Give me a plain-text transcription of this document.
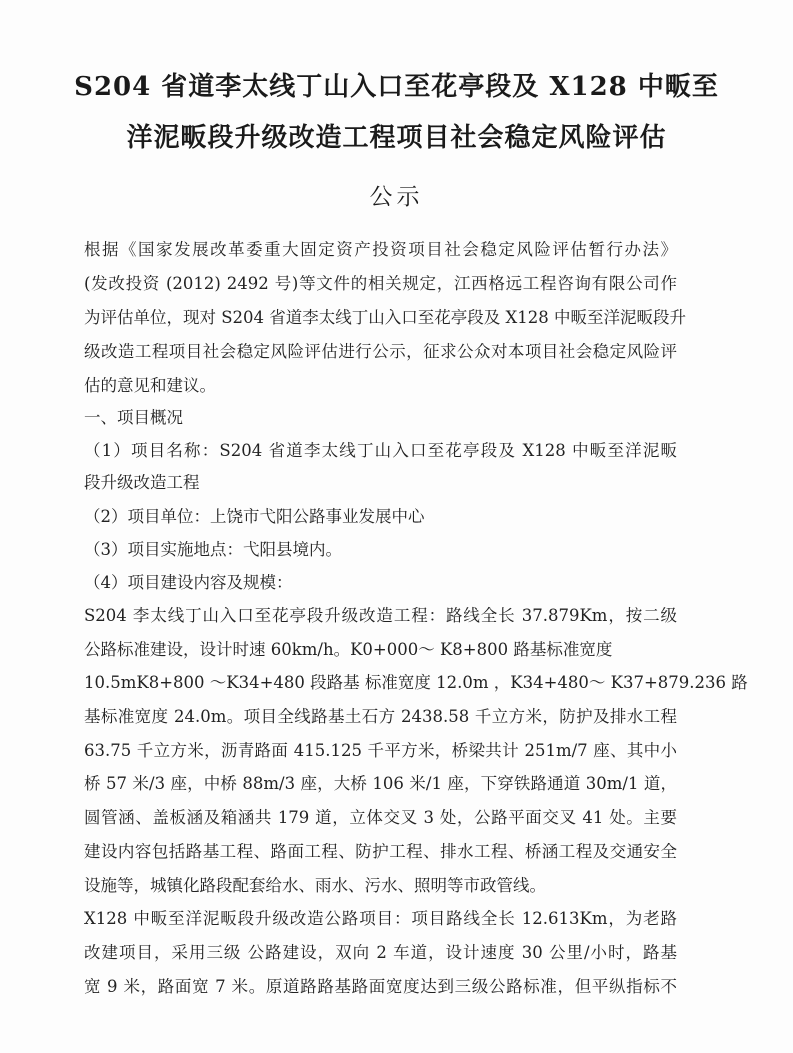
S204 省道李太线丁山入口至花亭段及 X128 中畈至
洋泥畈段升级改造工程项目社会稳定风险评估
公示
根据《国家发展改革委重大固定资产投资项目社会稳定风险评估暂行办法》
(发改投资 (2012) 2492 号)等文件的相关规定，江西格远工程咨询有限公司作
为评估单位，现对 S204 省道李太线丁山入口至花亭段及 X128 中畈至洋泥畈段升
级改造工程项目社会稳定风险评估进行公示，征求公众对本项目社会稳定风险评
估的意见和建议。
一、项目概况
（1）项目名称：S204 省道李太线丁山入口至花亭段及 X128 中畈至洋泥畈
段升级改造工程
（2）项目单位：上饶市弋阳公路事业发展中心
（3）项目实施地点：弋阳县境内。
（4）项目建设内容及规模：
S204 李太线丁山入口至花亭段升级改造工程：路线全长 37.879Km，按二级
公路标准建设，设计时速 60km/h。K0+000～ K8+800 路基标准宽度
10.5mK8+800 ～K34+480 段路基 标准宽度 12.0m ，K34+480～ K37+879.236 路
基标准宽度 24.0m。项目全线路基土石方 2438.58 千立方米，防护及排水工程
63.75 千立方米，沥青路面 415.125 千平方米，桥梁共计 251m/7 座、其中小
桥 57 米/3 座，中桥 88m/3 座，大桥 106 米/1 座，下穿铁路通道 30m/1 道，
圆管涵、盖板涵及箱涵共 179 道，立体交叉 3 处，公路平面交叉 41 处。主要
建设内容包括路基工程、路面工程、防护工程、排水工程、桥涵工程及交通安全
设施等，城镇化路段配套给水、雨水、污水、照明等市政管线。
X128 中畈至洋泥畈段升级改造公路项目：项目路线全长 12.613Km，为老路
改建项目，采用三级 公路建设，双向 2 车道，设计速度 30 公里/小时，路基
宽 9 米，路面宽 7 米。原道路路基路面宽度达到三级公路标准，但平纵指标不
